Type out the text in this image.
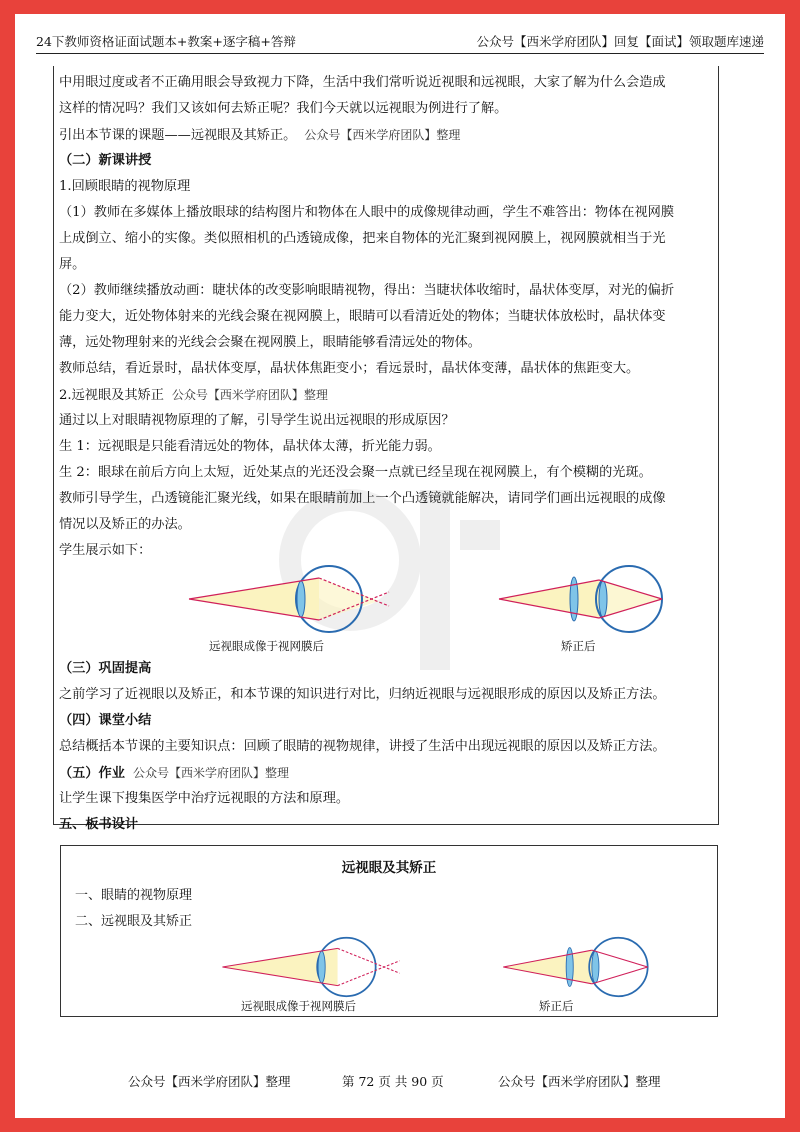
24下教师资格证面试题本+教案+逐字稿+答辩	公众号【西米学府团队】回复【面试】领取题库速递
中用眼过度或者不正确用眼会导致视力下降，生活中我们常听说近视眼和远视眼，大家了解为什么会造成
这样的情况吗？我们又该如何去矫正呢？我们今天就以远视眼为例进行了解。
引出本节课的课题——远视眼及其矫正。 公众号【西米学府团队】整理
（二）新课讲授
1.回顾眼睛的视物原理
（1）教师在多媒体上播放眼球的结构图片和物体在人眼中的成像规律动画，学生不难答出：物体在视网膜
上成倒立、缩小的实像。类似照相机的凸透镜成像，把来自物体的光汇聚到视网膜上，视网膜就相当于光
屏。
（2）教师继续播放动画：睫状体的改变影响眼睛视物，得出：当睫状体收缩时，晶状体变厚，对光的偏折
能力变大，近处物体射来的光线会聚在视网膜上，眼睛可以看清近处的物体；当睫状体放松时，晶状体变
薄，远处物理射来的光线会会聚在视网膜上，眼睛能够看清远处的物体。
教师总结，看近景时，晶状体变厚，晶状体焦距变小；看远景时，晶状体变薄，晶状体的焦距变大。
2.远视眼及其矫正 公众号【西米学府团队】整理
通过以上对眼睛视物原理的了解，引导学生说出远视眼的形成原因？
生 1：远视眼是只能看清远处的物体，晶状体太薄，折光能力弱。
生 2：眼球在前后方向上太短，近处某点的光还没会聚一点就已经呈现在视网膜上，有个模糊的光斑。
教师引导学生，凸透镜能汇聚光线，如果在眼睛前加上一个凸透镜就能解决，请同学们画出远视眼的成像
情况以及矫正的办法。
学生展示如下：
远视眼成像于视网膜后	矫正后
（三）巩固提高
之前学习了近视眼以及矫正，和本节课的知识进行对比，归纳近视眼与远视眼形成的原因以及矫正方法。
（四）课堂小结
总结概括本节课的主要知识点：回顾了眼睛的视物规律，讲授了生活中出现远视眼的原因以及矫正方法。
（五）作业 公众号【西米学府团队】整理
让学生课下搜集医学中治疗远视眼的方法和原理。
五、板书设计
远视眼及其矫正
一、眼睛的视物原理
二、远视眼及其矫正
远视眼成像于视网膜后	矫正后
公众号【西米学府团队】整理	第 72 页 共 90 页	公众号【西米学府团队】整理
